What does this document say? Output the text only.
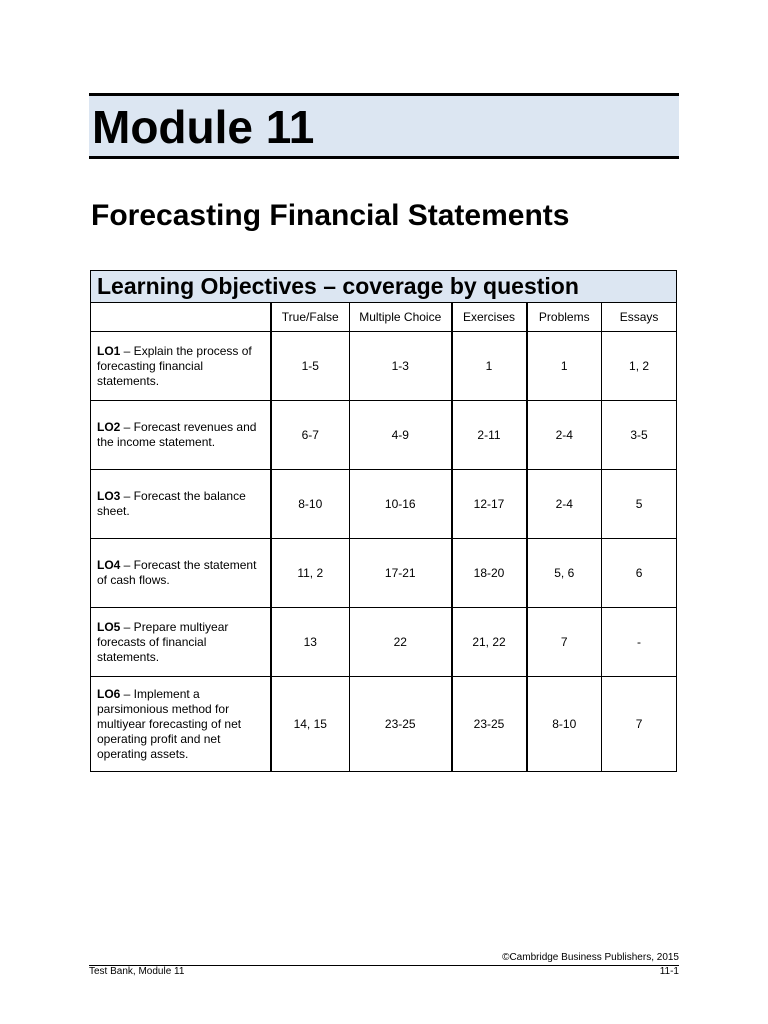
Module 11
Forecasting Financial Statements
Learning Objectives – coverage by question					
	True/False	Multiple Choice	Exercises	Problems	Essays
LO1 – Explain the process of forecasting financial statements.	1-5	1-3	1	1	1, 2
LO2 – Forecast revenues and the income statement.	6-7	4-9	2-11	2-4	3-5
LO3 – Forecast the balance sheet.	8-10	10-16	12-17	2-4	5
LO4 – Forecast the statement of cash flows.	11, 2	17-21	18-20	5, 6	6
LO5 – Prepare multiyear forecasts of financial statements.	13	22	21, 22	7	-
LO6 – Implement a parsimonious method for multiyear forecasting of net operating profit and net operating assets.	14, 15	23-25	23-25	8-10	7
©Cambridge Business Publishers, 2015
Test Bank, Module 11	11-1
